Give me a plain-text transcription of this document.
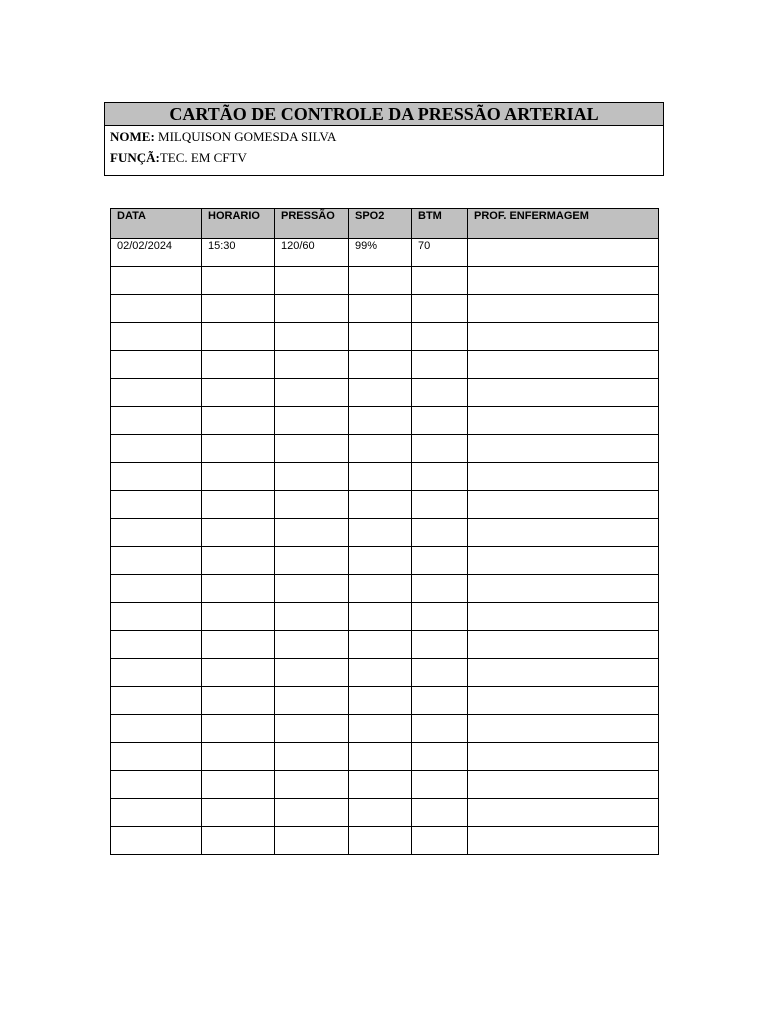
CARTÃO DE CONTROLE DA PRESSÃO ARTERIAL
NOME: MILQUISON GOMESDA SILVA
FUNÇÃ:TEC. EM CFTV
DATA	HORARIO	PRESSÃO	SPO2	BTM	PROF. ENFERMAGEM
02/02/2024	15:30	120/60	99%	70	
